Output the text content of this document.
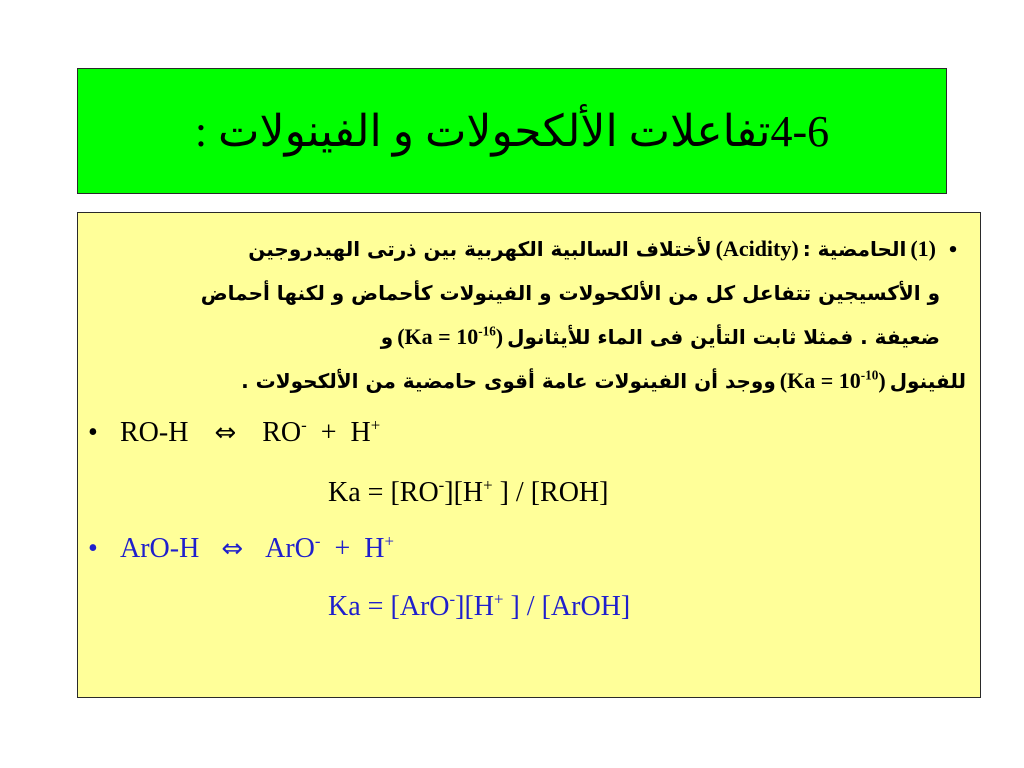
4-6تفاعلات الألكحولات و الفينولات :
•
(1)
الحامضية :
(Acidity)
لأختلاف السالبية الكهربية بين ذرتى الهيدروجين
و الأكسيجين تتفاعل كل من الألكحولات و الفينولات كأحماض و لكنها أحماض
ضعيفة . فمثلا ثابت التأين فى الماء للأيثانول
$(Ka = 10^{-16})$
و
للفينول
$(Ka = 10^{-10})$
ووجد أن الفينولات عامة أقوى حامضية من الألكحولات .
• RO-H ⇔ RO- + H+
Ka = [RO-][H+ ] / [ROH]
• ArO-H ⇔ ArO- + H+
Ka = [ArO-][H+ ] / [ArOH]
